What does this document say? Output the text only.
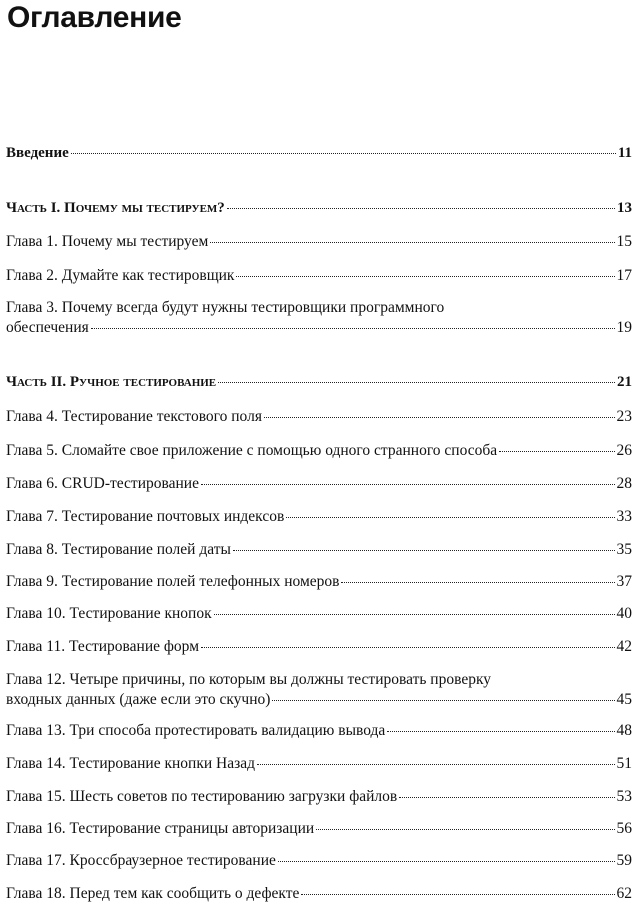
Оглавление
Введение	11
Часть I. Почему мы тестируем?	13
Глава 1. Почему мы тестируем	15
Глава 2. Думайте как тестировщик	17
Глава 3. Почему всегда будут нужны тестировщики программного
обеспечения	19
Часть II. Ручное тестирование	21
Глава 4. Тестирование текстового поля	23
Глава 5. Сломайте свое приложение с помощью одного странного способа	26
Глава 6. CRUD-тестирование	28
Глава 7. Тестирование почтовых индексов	33
Глава 8. Тестирование полей даты	35
Глава 9. Тестирование полей телефонных номеров	37
Глава 10. Тестирование кнопок	40
Глава 11. Тестирование форм	42
Глава 12. Четыре причины, по которым вы должны тестировать проверку
входных данных (даже если это скучно)	45
Глава 13. Три способа протестировать валидацию вывода	48
Глава 14. Тестирование кнопки Назад	51
Глава 15. Шесть советов по тестированию загрузки файлов	53
Глава 16. Тестирование страницы авторизации	56
Глава 17. Кроссбраузерное тестирование	59
Глава 18. Перед тем как сообщить о дефекте	62
